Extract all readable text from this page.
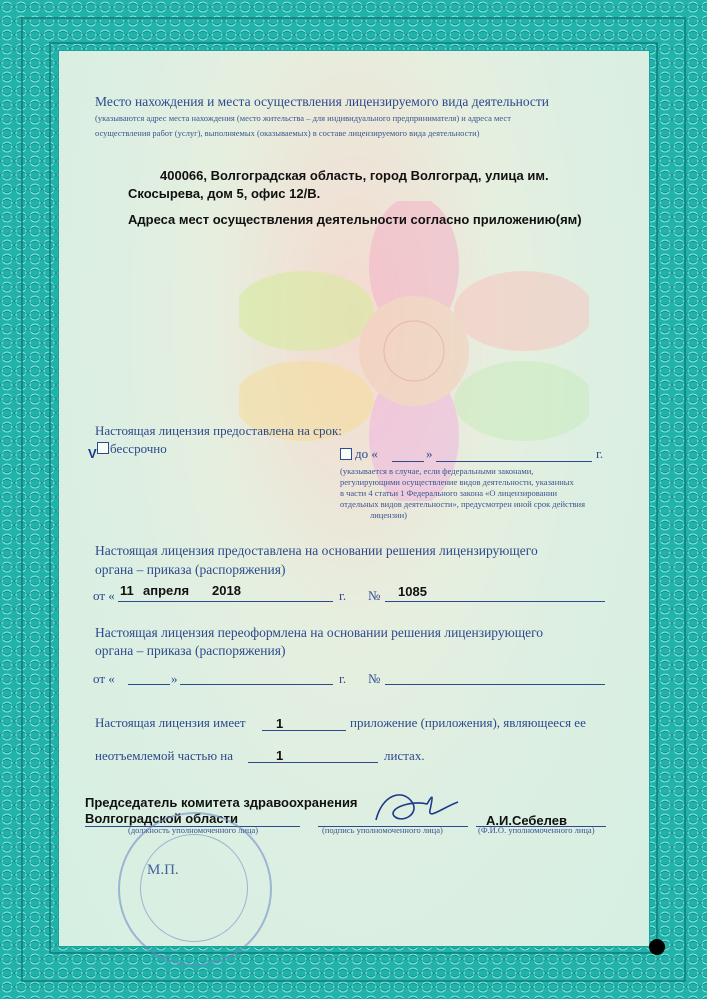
Место нахождения и места осуществления лицензируемого вида деятельности
(указываются адрес места нахождения (место жительства – для индивидуального предпринимателя) и адреса мест
осуществления работ (услуг), выполняемых (оказываемых) в составе лицензируемого вида деятельности)
400066, Волгоградская область, город Волгоград, улица им.
Скосырева, дом 5, офис 12/В.
Адреса мест осуществления деятельности согласно приложению(ям)
Настоящая лицензия предоставлена на срок:
V бессрочно	до «	»	г.
(указывается в случае, если федеральными законами,
регулирующими осуществление видов деятельности, указанных
в части 4 статьи 1 Федерального закона «О лицензировании
отдельных видов деятельности», предусмотрен иной срок действия
лицензии)
Настоящая лицензия предоставлена на основании решения лицензирующего
органа – приказа (распоряжения)
от « 11 апреля 2018	г. № 1085
Настоящая лицензия переоформлена на основании решения лицензирующего
органа – приказа (распоряжения)
от «	»	г. №
Настоящая лицензия имеет 1	приложение (приложения), являющееся ее
неотъемлемой частью на	1	листах.
Председатель комитета здравоохранения
Волгоградской области
(должность уполномоченного лица)	(подпись уполномоченного лица)
А.И.Себелев
(Ф.И.О. уполномоченного лица)
М.П.
